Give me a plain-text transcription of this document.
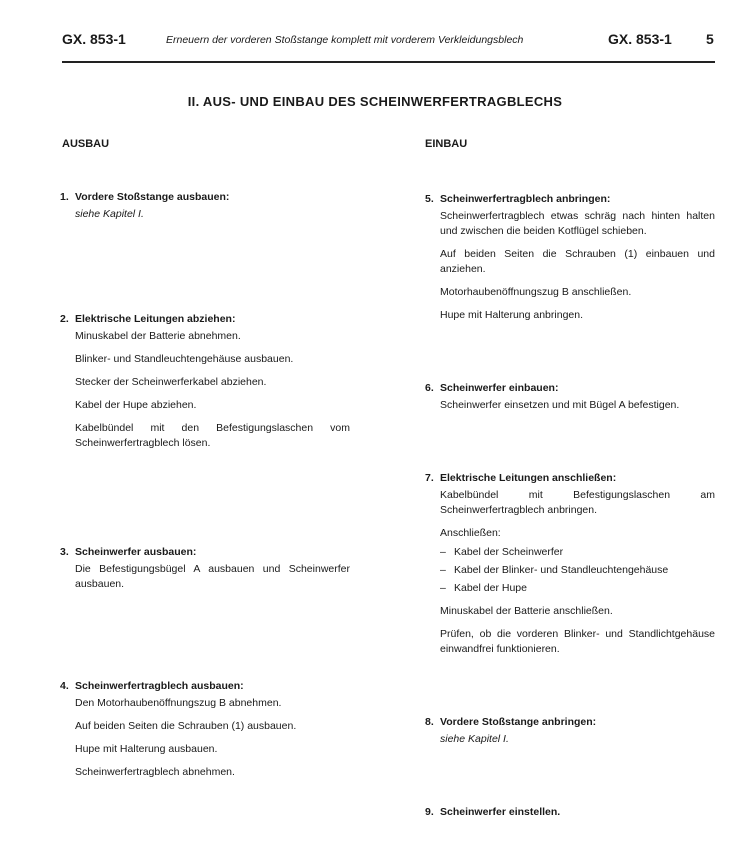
GX. 853-1	Erneuern der vorderen Stoßstange komplett mit vorderem Verkleidungsblech	GX. 853-1 5
II. AUS- UND EINBAU DES SCHEINWERFERTRAGBLECHS
AUSBAU	EINBAU
1. Vordere Stoßstange ausbauen:
siehe Kapitel I.
2. Elektrische Leitungen abziehen:
Minuskabel der Batterie abnehmen.
Blinker- und Standleuchtengehäuse ausbauen.
Stecker der Scheinwerferkabel abziehen.
Kabel der Hupe abziehen.
Kabelbündel mit den Befestigungslaschen vom Scheinwerfertragblech lösen.
3. Scheinwerfer ausbauen:
Die Befestigungsbügel A ausbauen und Scheinwerfer ausbauen.
4. Scheinwerfertragblech ausbauen:
Den Motorhaubenöffnungszug B abnehmen.
Auf beiden Seiten die Schrauben (1) ausbauen.
Hupe mit Halterung ausbauen.
Scheinwerfertragblech abnehmen.
5. Scheinwerfertragblech anbringen:
Scheinwerfertragblech etwas schräg nach hinten halten und zwischen die beiden Kotflügel schieben.
Auf beiden Seiten die Schrauben (1) einbauen und anziehen.
Motorhaubenöffnungszug B anschließen.
Hupe mit Halterung anbringen.
6. Scheinwerfer einbauen:
Scheinwerfer einsetzen und mit Bügel A befestigen.
7. Elektrische Leitungen anschließen:
Kabelbündel mit Befestigungslaschen am Scheinwerfertragblech anbringen.
Anschließen:
– Kabel der Scheinwerfer
– Kabel der Blinker- und Standleuchtengehäuse
– Kabel der Hupe
Minuskabel der Batterie anschließen.
Prüfen, ob die vorderen Blinker- und Standlichtgehäuse einwandfrei funktionieren.
8. Vordere Stoßstange anbringen:
siehe Kapitel I.
9. Scheinwerfer einstellen.
